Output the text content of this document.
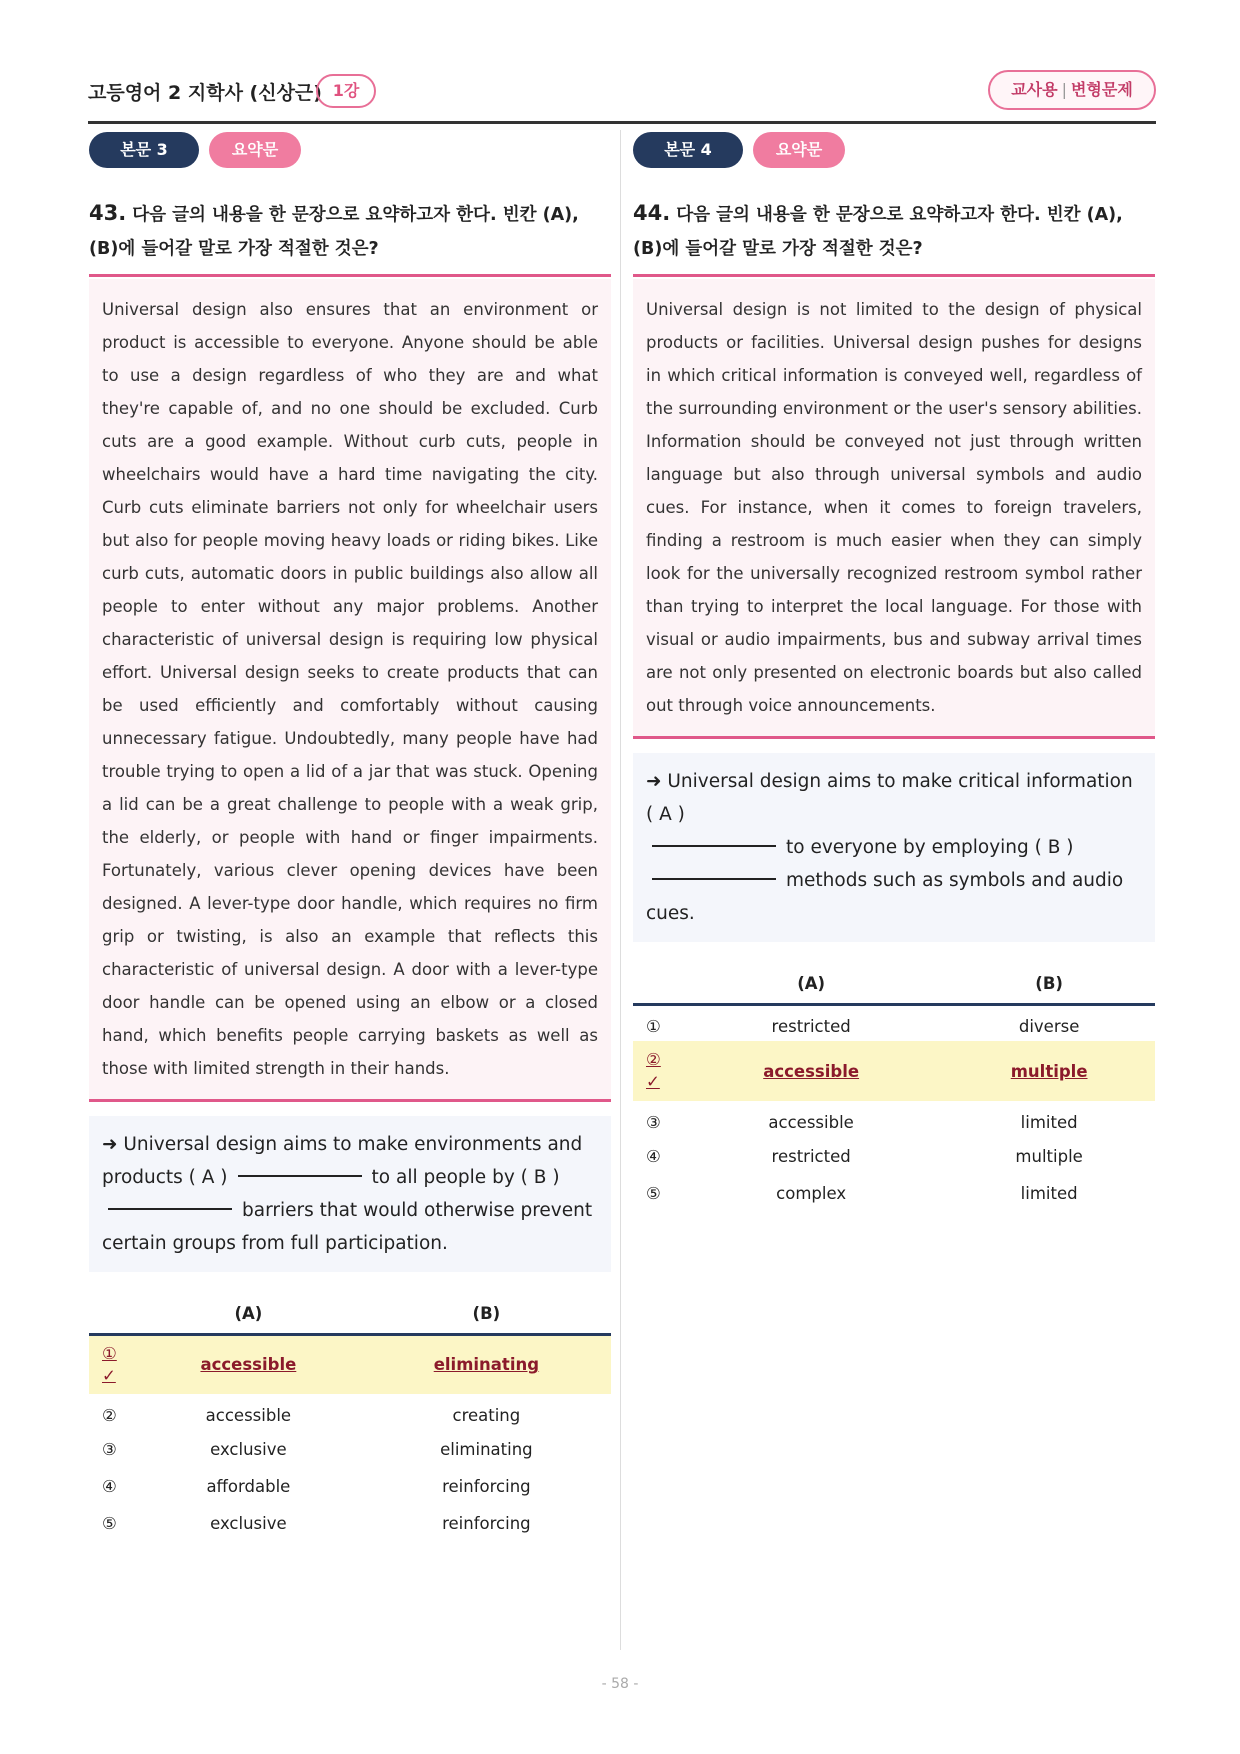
고등영어 2 지학사 (신상근) 1강	교사용 | 변형문제
본문 3	요약문
43. 다음 글의 내용을 한 문장으로 요약하고자 한다. 빈칸 (A), (B)에 들어갈 말로 가장 적절한 것은?
Universal design also ensures that an environment or product is accessible to everyone. Anyone should be able to use a design regardless of who they are and what they're capable of, and no one should be excluded. Curb cuts are a good example. Without curb cuts, people in wheelchairs would have a hard time navigating the city. Curb cuts eliminate barriers not only for wheelchair users but also for people moving heavy loads or riding bikes. Like curb cuts, automatic doors in public buildings also allow all people to enter without any major problems. Another characteristic of universal design is requiring low physical effort. Universal design seeks to create products that can be used efficiently and comfortably without causing unnecessary fatigue. Undoubtedly, many people have had trouble trying to open a lid of a jar that was stuck. Opening a lid can be a great challenge to people with a weak grip, the elderly, or people with hand or finger impairments. Fortunately, various clever opening devices have been designed. A lever-type door handle, which requires no firm grip or twisting, is also an example that reflects this characteristic of universal design. A door with a lever-type door handle can be opened using an elbow or a closed hand, which benefits people carrying baskets as well as those with limited strength in their hands.
➜ Universal design aims to make environments and products ( A )	to all people by ( B )
barriers that would otherwise prevent certain groups from full participation.
	(A)	(B)
①
✓	accessible	eliminating
②	accessible	creating
③	exclusive	eliminating
④	affordable	reinforcing
⑤	exclusive	reinforcing
본문 4	요약문
44. 다음 글의 내용을 한 문장으로 요약하고자 한다. 빈칸 (A), (B)에 들어갈 말로 가장 적절한 것은?
Universal design is not limited to the design of physical products or facilities. Universal design pushes for designs in which critical information is conveyed well, regardless of the surrounding environment or the user's sensory abilities. Information should be conveyed not just through written language but also through universal symbols and audio cues. For instance, when it comes to foreign travelers, finding a restroom is much easier when they can simply look for the universally recognized restroom symbol rather than trying to interpret the local language. For those with visual or audio impairments, bus and subway arrival times are not only presented on electronic boards but also called out through voice announcements.
➜ Universal design aims to make critical information ( A )
to everyone by employing ( B )
methods such as symbols and audio
cues.
	(A)	(B)
①	restricted	diverse
②
✓	accessible	multiple
③	accessible	limited
④	restricted	multiple
⑤	complex	limited
- 58 -
